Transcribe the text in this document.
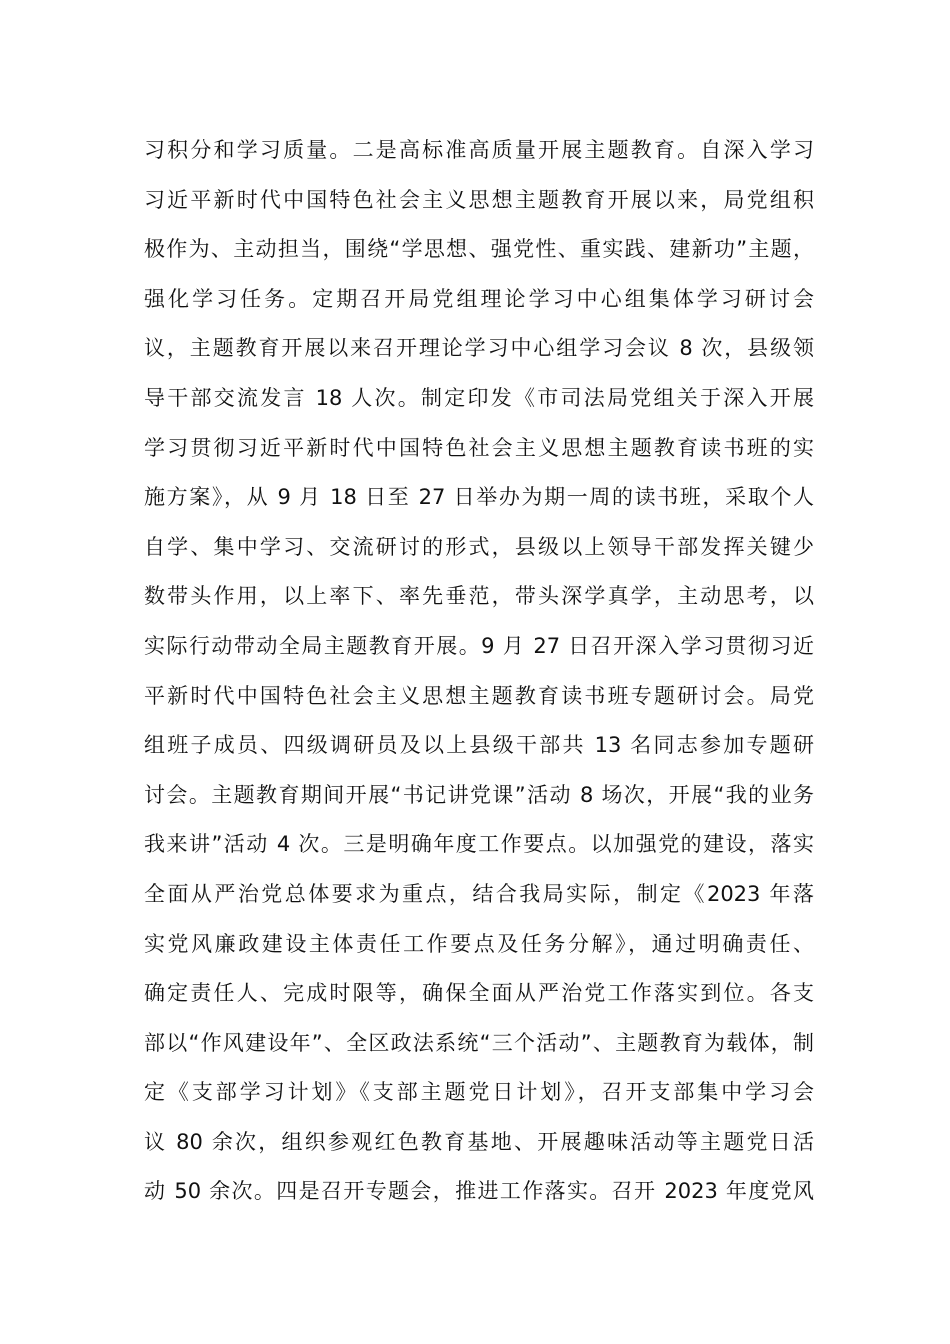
习积分和学习质量。二是高标准高质量开展主题教育。自深入学习
习近平新时代中国特色社会主义思想主题教育开展以来，局党组积
极作为、主动担当，围绕“学思想、强党性、重实践、建新功”主题，
强化学习任务。定期召开局党组理论学习中心组集体学习研讨会
议，主题教育开展以来召开理论学习中心组学习会议 8 次，县级领
导干部交流发言 18 人次。制定印发《市司法局党组关于深入开展
学习贯彻习近平新时代中国特色社会主义思想主题教育读书班的实
施方案》，从 9 月 18 日至 27 日举办为期一周的读书班，采取个人
自学、集中学习、交流研讨的形式，县级以上领导干部发挥关键少
数带头作用，以上率下、率先垂范，带头深学真学，主动思考，以
实际行动带动全局主题教育开展。9 月 27 日召开深入学习贯彻习近
平新时代中国特色社会主义思想主题教育读书班专题研讨会。局党
组班子成员、四级调研员及以上县级干部共 13 名同志参加专题研
讨会。主题教育期间开展“书记讲党课”活动 8 场次，开展“我的业务
我来讲”活动 4 次。三是明确年度工作要点。以加强党的建设，落实
全面从严治党总体要求为重点，结合我局实际，制定《2023 年落
实党风廉政建设主体责任工作要点及任务分解》，通过明确责任、
确定责任人、完成时限等，确保全面从严治党工作落实到位。各支
部以“作风建设年”、全区政法系统“三个活动”、主题教育为载体，制
定《支部学习计划》《支部主题党日计划》，召开支部集中学习会
议 80 余次，组织参观红色教育基地、开展趣味活动等主题党日活
动 50 余次。四是召开专题会，推进工作落实。召开 2023 年度党风
